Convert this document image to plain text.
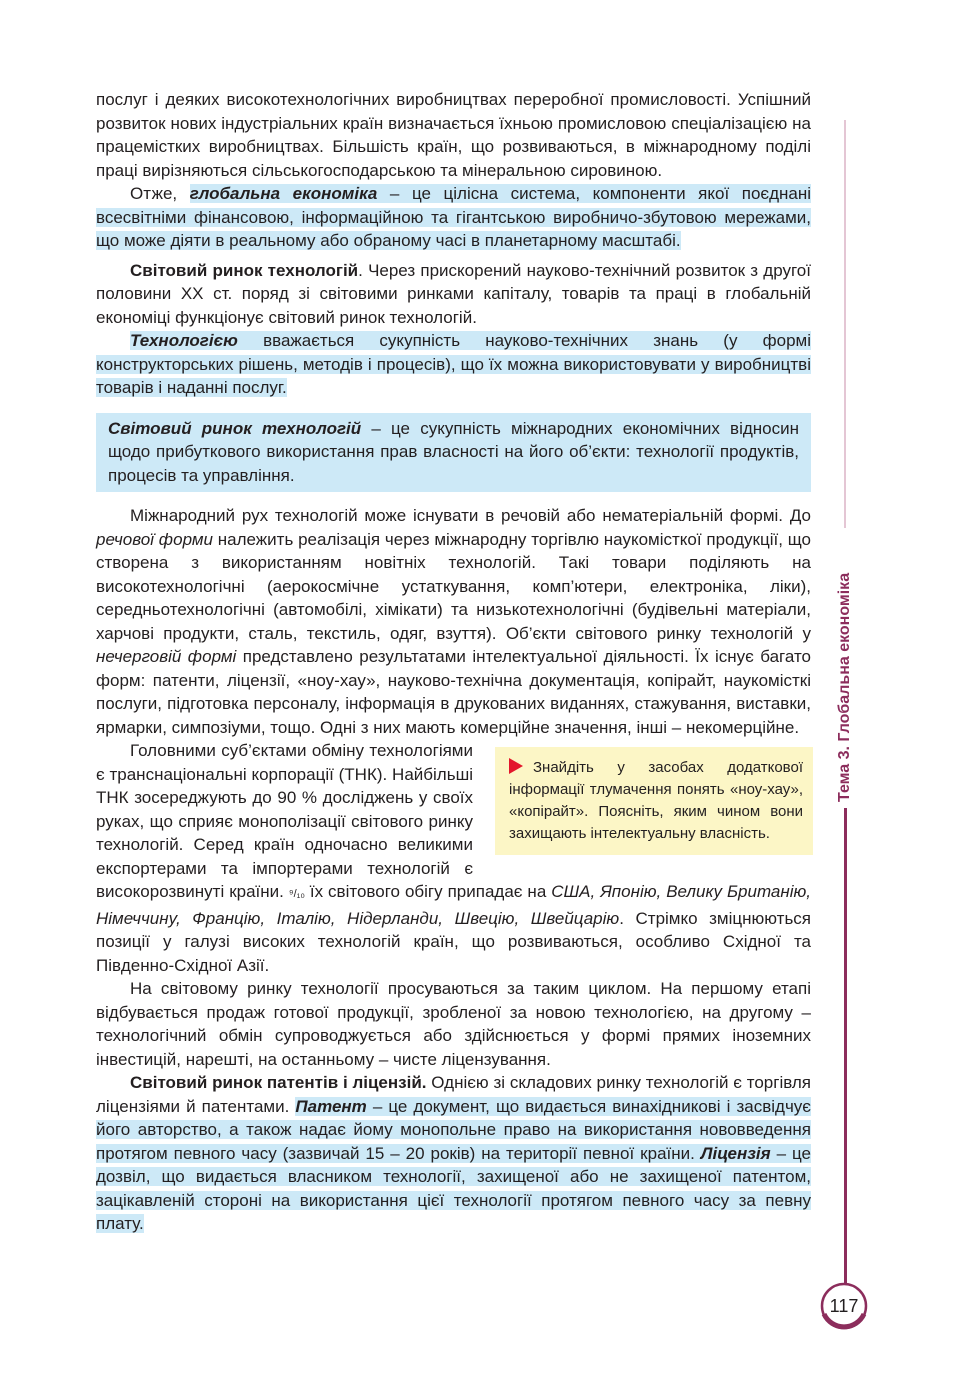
Тема 3. Глобальна економіка
117

послуг і деяких високотехнологічних виробництвах переробної промисловості. Успішний розвиток нових індустріальних країн визначається їхньою промисловою спеціалізацією на працемістких виробництвах. Більшість країн, що розвиваються, в міжнародному поділі праці вирізняються сільськогосподарською та мінеральною сировиною.

Отже, глобальна економіка – це цілісна система, компоненти якої поєднані всесвітніми фінансовою, інформаційною та гігантською виробничо-збутовою мережами, що може діяти в реальному або обраному часі в планетарному масштабі.

Світовий ринок технологій. Через прискорений науково-технічний розвиток з другої половини ХХ ст. поряд зі світовими ринками капіталу, товарів та праці в глобальній економіці функціонує світовий ринок технологій.

Технологією вважається сукупність науково-технічних знань (у формі конструкторських рішень, методів і процесів), що їх можна використовувати у виробництві товарів і наданні послуг.

Світовий ринок технологій – це сукупність міжнародних економічних відносин щодо прибуткового використання прав власності на його об’єкти: технології продуктів, процесів та управління.

Міжнародний рух технологій може існувати в речовій або нематеріальній формі. До речової форми належить реалізація через міжнародну торгівлю наукомісткої продукції, що створена з використанням новітніх технологій. Такі товари поділяють на високотехнологічні (аерокосмічне устаткування, комп’ютери, електроніка, ліки), середньотехнологічні (автомобілі, хімікати) та низькотехнологічні (будівельні матеріали, харчові продукти, сталь, текстиль, одяг, взуття). Об’єкти світового ринку технологій у нечерговій формі представлено результатами інтелектуальної діяльності. Їх існує багато форм: патенти, ліцензії, «ноу-хау», науково-технічна документація, копірайт, наукомісткі послуги, підготовка персоналу, інформація в друкованих виданнях, стажування, виставки, ярмарки, симпозіуми, тощо. Одні з них мають комерційне значення, інші – некомерційне.

Знайдіть у засобах додаткової інформації тлумачення понять «ноу-хау», «копірайт». Поясніть, яким чином вони захищають інтелектуальну власність.

Головними суб’єктами обміну технологіями є транснаціональні корпорації (ТНК). Найбільші ТНК зосереджують до 90 % досліджень у своїх руках, що сприяє монополізації світового ринку технологій. Серед країн одночасно великими експортерами та імпортерами технологій є високорозвинуті країни. ⁹/₁₀ їх світового обігу припадає на США, Японію, Велику Британію, Німеччину, Францію, Італію, Нідерланди, Швецію, Швейцарію. Стрімко зміцнюються позиції у галузі високих технологій країн, що розвиваються, особливо Східної та Південно-Східної Азії.

На світовому ринку технології просуваються за таким циклом. На першому етапі відбувається продаж готової продукції, зробленої за новою технологією, на другому – технологічний обмін супроводжується або здійснюється у формі прямих іноземних інвестицій, нарешті, на останньому – чисте ліцензування.

Світовий ринок патентів і ліцензій. Однією зі складових ринку технологій є торгівля ліцензіями й патентами. Патент – це документ, що видається винахідникові і засвідчує його авторство, а також надає йому монопольне право на використання нововведення протягом певного часу (зазвичай 15 – 20 років) на території певної країни. Ліцензія – це дозвіл, що видається власником технології, захищеної або не захищеної патентом, зацікавленій стороні на використання цієї технології протягом певного часу за певну плату.
